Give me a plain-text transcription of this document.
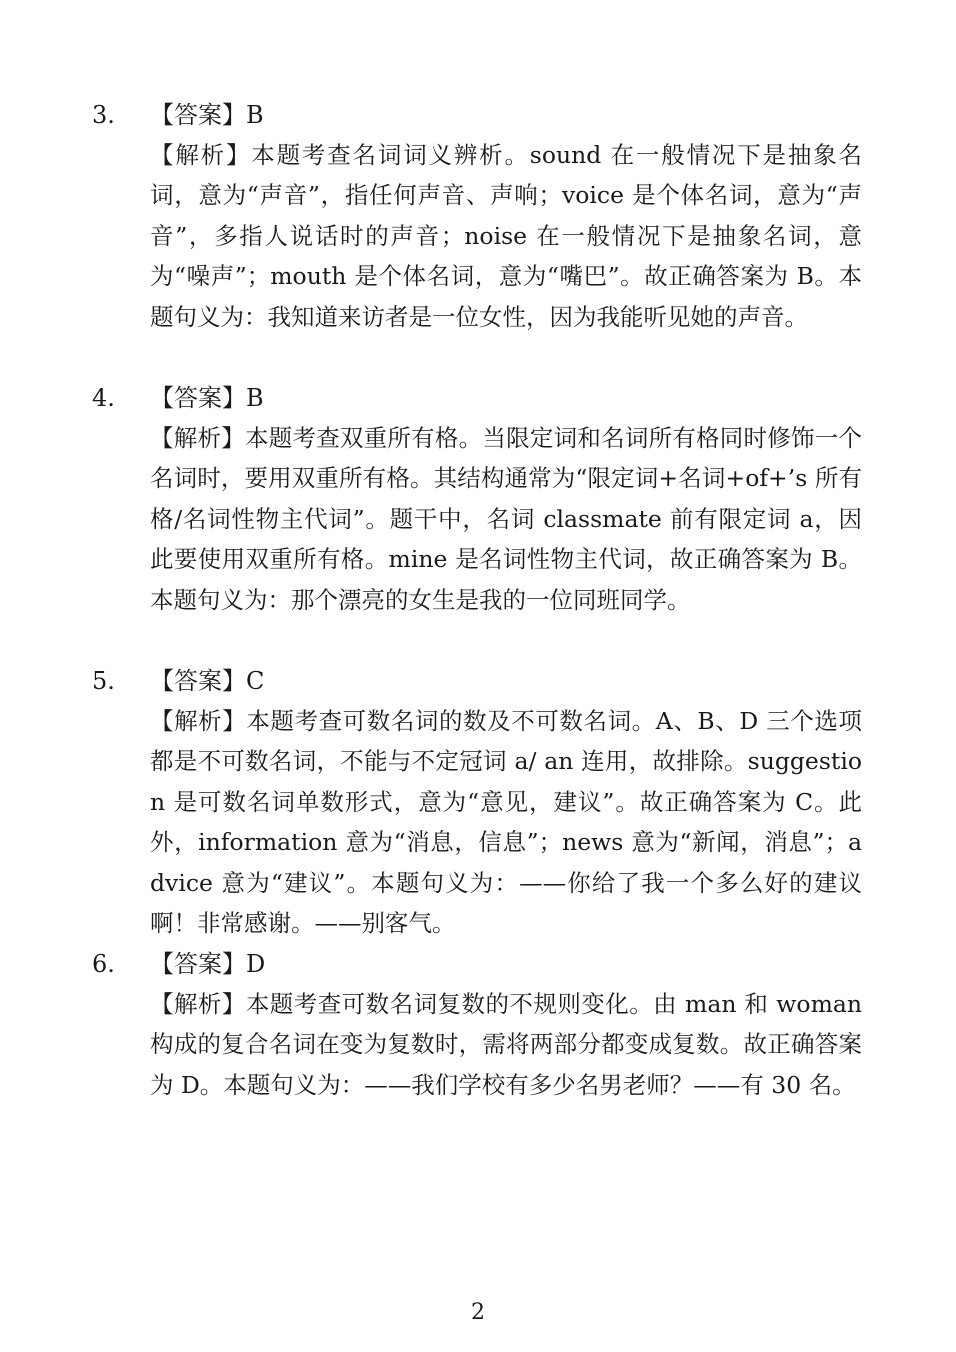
3.	【答案】B
【解析】本题考查名词词义辨析。sound 在一般情况下是抽象名词，意为“声音”，指任何声音、声响；voice 是个体名词，意为“声音”，多指人说话时的声音；noise 在一般情况下是抽象名词，意为“噪声”；mouth 是个体名词，意为“嘴巴”。故正确答案为 B。本题句义为：我知道来访者是一位女性，因为我能听见她的声音。
4.	【答案】B
【解析】本题考查双重所有格。当限定词和名词所有格同时修饰一个名词时，要用双重所有格。其结构通常为“限定词+名词+of+’s 所有格/名词性物主代词”。题干中，名词 classmate 前有限定词 a，因此要使用双重所有格。mine 是名词性物主代词，故正确答案为 B。本题句义为：那个漂亮的女生是我的一位同班同学。
5.	【答案】C
【解析】本题考查可数名词的数及不可数名词。A、B、D 三个选项都是不可数名词，不能与不定冠词 a/ an 连用，故排除。suggestion 是可数名词单数形式，意为“意见，建议”。故正确答案为 C。此外，information 意为“消息，信息”；news 意为“新闻，消息”；advice 意为“建议”。本题句义为：——你给了我一个多么好的建议啊！非常感谢。——别客气。
6.	【答案】D
【解析】本题考查可数名词复数的不规则变化。由 man 和 woman 构成的复合名词在变为复数时，需将两部分都变成复数。故正确答案为 D。本题句义为：——我们学校有多少名男老师？——有 30 名。
2
